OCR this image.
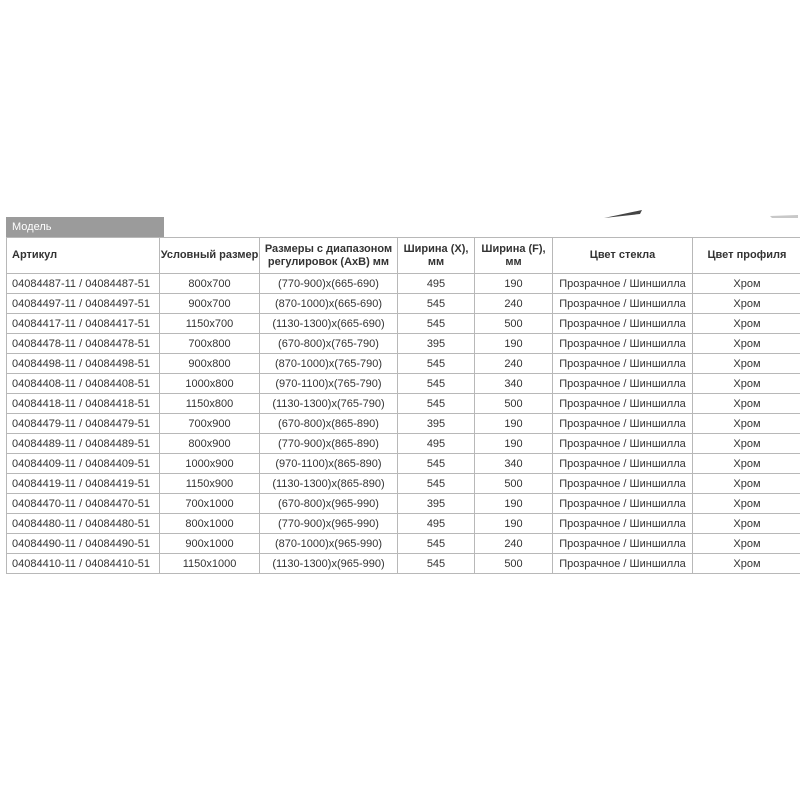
Модель
Артикул	Условный размер	Размеры с диапазоном регулировок (AxB) мм	Ширина (X), мм	Ширина (F), мм	Цвет стекла	Цвет профиля
04084487-11 / 04084487-51	800x700	(770-900)x(665-690)	495	190	Прозрачное / Шиншилла	Хром
04084497-11 / 04084497-51	900x700	(870-1000)x(665-690)	545	240	Прозрачное / Шиншилла	Хром
04084417-11 / 04084417-51	1150x700	(1130-1300)x(665-690)	545	500	Прозрачное / Шиншилла	Хром
04084478-11 / 04084478-51	700x800	(670-800)x(765-790)	395	190	Прозрачное / Шиншилла	Хром
04084498-11 / 04084498-51	900x800	(870-1000)x(765-790)	545	240	Прозрачное / Шиншилла	Хром
04084408-11 / 04084408-51	1000x800	(970-1100)x(765-790)	545	340	Прозрачное / Шиншилла	Хром
04084418-11 / 04084418-51	1150x800	(1130-1300)x(765-790)	545	500	Прозрачное / Шиншилла	Хром
04084479-11 / 04084479-51	700x900	(670-800)x(865-890)	395	190	Прозрачное / Шиншилла	Хром
04084489-11 / 04084489-51	800x900	(770-900)x(865-890)	495	190	Прозрачное / Шиншилла	Хром
04084409-11 / 04084409-51	1000x900	(970-1100)x(865-890)	545	340	Прозрачное / Шиншилла	Хром
04084419-11 / 04084419-51	1150x900	(1130-1300)x(865-890)	545	500	Прозрачное / Шиншилла	Хром
04084470-11 / 04084470-51	700x1000	(670-800)x(965-990)	395	190	Прозрачное / Шиншилла	Хром
04084480-11 / 04084480-51	800x1000	(770-900)x(965-990)	495	190	Прозрачное / Шиншилла	Хром
04084490-11 / 04084490-51	900x1000	(870-1000)x(965-990)	545	240	Прозрачное / Шиншилла	Хром
04084410-11 / 04084410-51	1150x1000	(1130-1300)x(965-990)	545	500	Прозрачное / Шиншилла	Хром
